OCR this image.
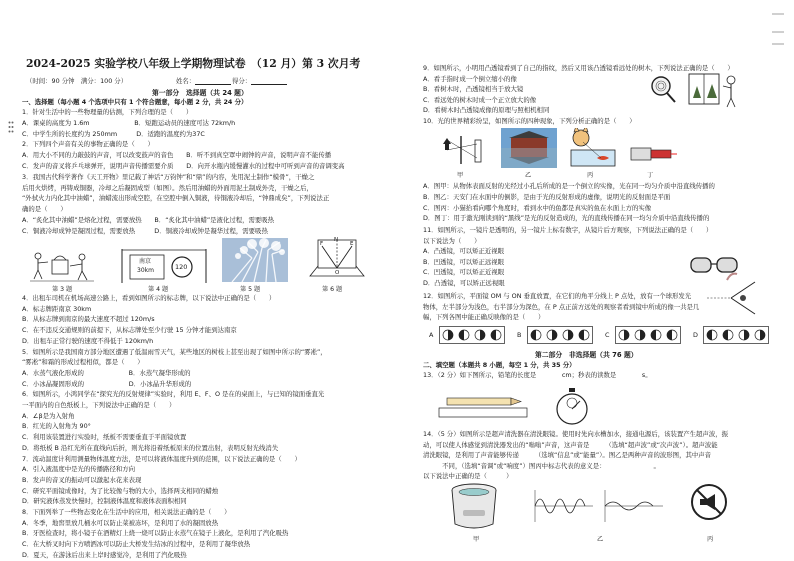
2024-2025 实验学校八年级上学期物理试卷　（12 月）第 3 次月考
（时间：90 分钟　满分：100 分）	姓名：	得分：
第一部分　选择题（共 24 题）
一、选择题（每小题 4 个选项中只有 1 个符合题意，每小题 2 分，共 24 分）
1．针对生活中的一些物理量的估测，下列合理的是（　　）
A．课桌的高度为 1.6m　　　　　　　B．短跑运动员的速度可达 72km/h
C．中学生所的长度约为 250mm　　　D．适跑的温度约为37C
2．下列四个声音有关的事物正确的是（　　）
A．用大小不同的力敲鼓的声音，可以改变鼓声的音色　　B．听不到真空罩中闹钟的声音，说明声音不能传播
C．发声的音叉将乒乓球弹开，说明声音传播需要介质　　D．向开水瓶内缓慢灌水的过程中可听到声音的音调变高
3．我国古代科学著作《天工开物》里记载了神话“万钧钟”和“鼎”的内容，先用泥土制作“模骨”，干燥之
后用火烘烤，再铸成铜器，冷却之后凝固成型（如图）。然后用油蜡的外面用泥土制成外壳，干燥之后，
“外拭火力内化其中油蜡”，油蜡流出形成空腔，在空腔中倒入铜液，待铜液冷却后，“钟鼎成矣”，下列说法正
确的是（　　）
A．“炙化其中油蜡”是熔化过程，需要放热　　B．“炙化其中油蜡”是液化过程，需要吸热
C．铜液冷却成钟是凝固过程，需要放热　　　D．铜液冷却成钟是凝华过程，需要吸热
4．出租车司机在机场高速公路上，看到如图所示的标志牌，以下说法中正确的是（　　）
A．标志牌距南京 30km
B．从标志牌到南京的最大速度不超过 120m/s
C．在不违反交通规则的前提下，从标志牌处至少行驶 15 分钟才能到达南京
D．出租车正常行驶的速度不得低于 120km/h
5．如图所示是我国南方部分地区遭遇了低温雨雪天气，某些地区的树枝上甚至出现了如图中所示的“雾凇”，
“雾凇”和霜的形成过程相似，都是（　　）
A．水蒸气液化形成的　　　　　　　B．水蒸气凝华形成的
C．小冰晶凝固形成的　　　　　　　D．小冰晶升华形成的
6．如图所示，小鸿同学在“探究光的反射规律”实验时，利用 E、F、O 是在的桌面上，与已知的镜面垂直光
一平面内的自色纸板上，下列说法中正确的是（　　）
A．∠β是为入射角
B．红光的入射角为 90°
C．利用该装置进行实验时，纸板不需要垂直于平面镜放置
D．将纸板 B 沿红光所在直线向后折，则光将沿着纸板原来的位置出射，表明反射光线消失
7．流动温度计利用测量物体温度方法，是可以将液体温度升到的范围，以下说法正确的是（　　）
A．引入液温度中是光的传播路径和方向
B．发声的音叉的振动可以激起水花来表现
C．研究平面镜成像时，为了比较像与物的大小，选择两支相同的蜡烛
D．研究液体蒸发快慢时，控制液体温度和液体表面积相同
8．下面列举了一些物态变化在生活中的应用，相关说法正确的是（　　）
A．冬季，地窖里放几桶水可以防止菜被冻坏，是利用了水的凝固放热
B．牙医检查时，将小镜子在酒精灯上烧一烧可以防止水蒸气在镜子上液化，是利用了汽化吸热
C．在大桥叉时向下方喷洒冰可以防止大桥发生结冰的过程中，是利用了凝华放热
D．夏天，在游泳后出来上岸时感觉冷，是利用了汽化吸热
第 3 题
南京
30km	120
第 4 题	第 5 题
F	E
N
O
第 6 题
9．如图所示，小明用凸透镜看到了自己的指纹，然后又用该凸透镜看远处的树木，下列说法正确的是（　　）
A．看手指时成一个倒立缩小的像
B．看树木时，凸透镜相当于放大镜
C．看远处的树木时成一个正立放大的像
D．看树木时凸透镜成像的原理与照相机相同
10．光的世界精彩纷呈，如图所示的四种现象，下列分析正确的是（　　）
A．图甲：从物体表面反射的光经过小孔后所成的是一个倒立的实像，光在同一均匀介质中沿直线传播的
B．图乙：天安门在水面中的倒影，是由于光的反射形成的虚像，说明光的反射面是平面
C．图丙：小猫抬看向哪个角度时，看到水中的鱼都是真实的鱼在水面上方的实像
D．图丁：用于激光刚读到的“黑线”是光的反射造成的，光的直线传播在同一均匀介质中沿直线传播的
11．如图所示，一镜片是透明的，另一镜片上标有数字，从镜片后方观察，下列说法正确的是（　　）
以下说法为（　　）
A．凸透镜，可以矫正近视眼
B．凹透镜，可以矫正远视眼
C．凹透镜，可以矫正近视眼
D．凸透镜，可以矫正远视眼
12．如图所示，平面镜 OM 与 ON 垂直放置，在它们的角平分线上 P 点处，放有一个球形发光
物体，左半部分为浅色，右半部分为深色，在 P 点正前方远处的观察者看到镜中所成的像一共是几
幅，下列各图中能正确反映像的是（　　）
甲	乙	丙	丁
A	B	C	D
第二部分　非选择题（共 76 题）
二、填空题（本题共 8 小题，每空 1 分，共 35 分）
13．（2 分）如下图所示，铅笔的长度是　　　　cm；秒表的读数是　　　　s。
14．（5 分）如图所示是超声清洗器在清洗眼镜。使用时先向水槽加水，接通电源后，该装置产生超声波，振
动，可以使人体感觉到清洗器发出的“嗡嗡”声音，这声音是　　　（选填“超声波”或“次声波”）。超声波能
清洗眼镜，是利用了声音能够传递　　　（选填“信息”或“能量”）。图乙是两种声音的波形图，其中声音
　　　不同，（选填“音调”或“响度”）图丙中标志代表的意义是：　　　　　　　　。
以下说法中正确的是（　　　）
甲	乙	丙
